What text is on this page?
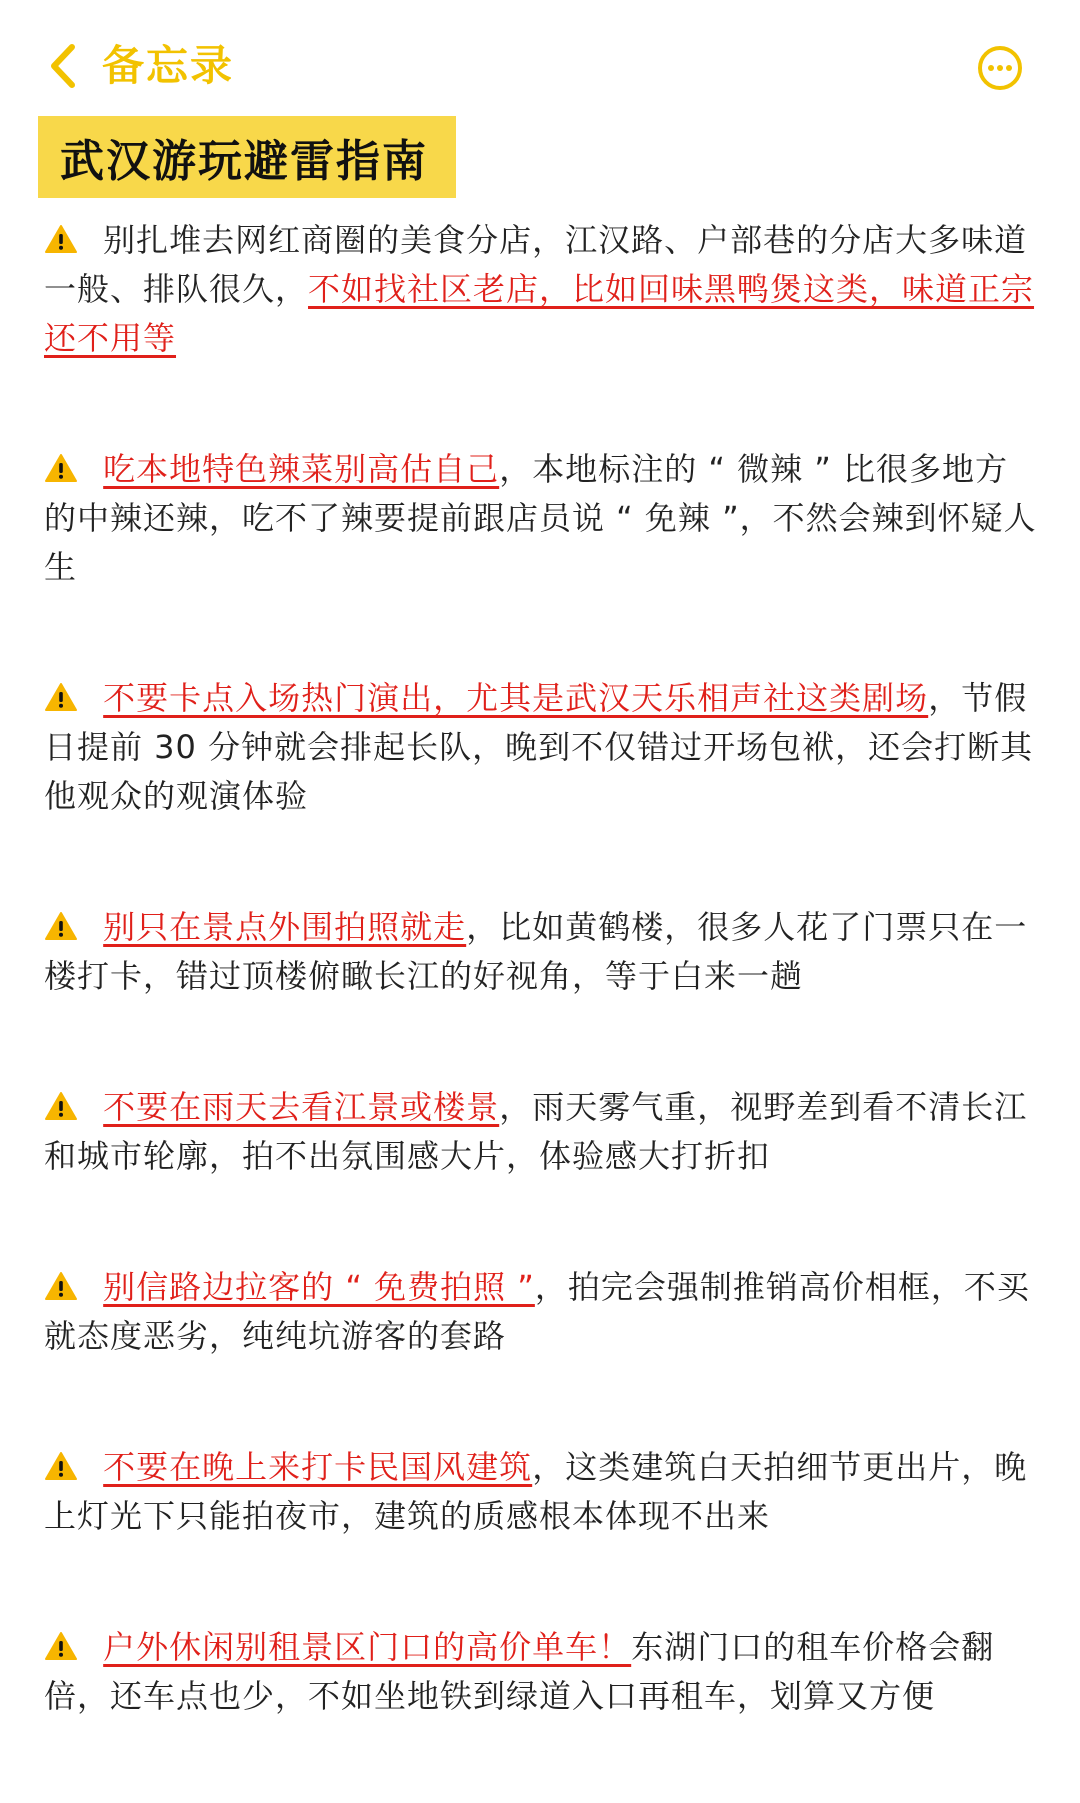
备忘录
武汉游玩避雷指南
别扎堆去网红商圈的美食分店，江汉路、户部巷的分店大多味道一般、排队很久，不如找社区老店，比如回味黑鸭煲这类，味道正宗还不用等
吃本地特色辣菜别高估自己，本地标注的 “ 微辣 ” 比很多地方的中辣还辣，吃不了辣要提前跟店员说 “ 免辣 ”，不然会辣到怀疑人生
不要卡点入场热门演出，尤其是武汉天乐相声社这类剧场，节假日提前 30 分钟就会排起长队，晚到不仅错过开场包袱，还会打断其他观众的观演体验
别只在景点外围拍照就走，比如黄鹤楼，很多人花了门票只在一楼打卡，错过顶楼俯瞰长江的好视角，等于白来一趟
不要在雨天去看江景或楼景，雨天雾气重，视野差到看不清长江和城市轮廓，拍不出氛围感大片，体验感大打折扣
别信路边拉客的 “ 免费拍照 ”，拍完会强制推销高价相框，不买就态度恶劣，纯纯坑游客的套路
不要在晚上来打卡民国风建筑，这类建筑白天拍细节更出片，晚上灯光下只能拍夜市，建筑的质感根本体现不出来
户外休闲别租景区门口的高价单车！东湖门口的租车价格会翻倍，还车点也少，不如坐地铁到绿道入口再租车，划算又方便
